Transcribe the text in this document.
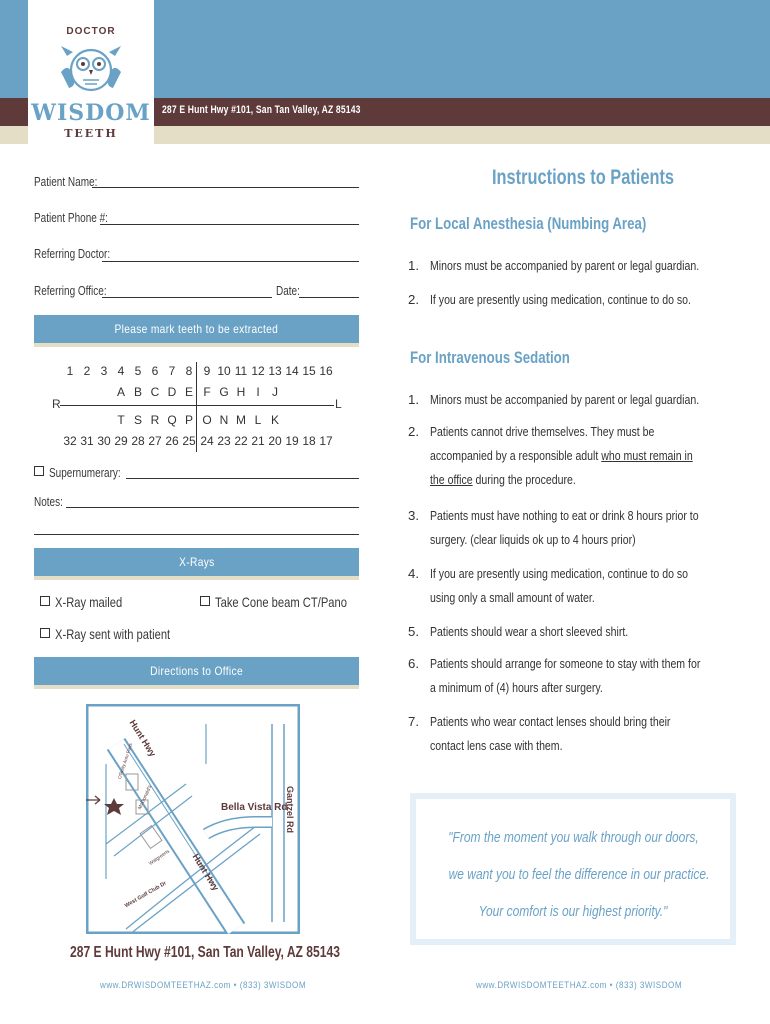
287 E Hunt Hwy #101, San Tan Valley, AZ 85143
DOCTOR
WISDOM
TEETH
Patient Name:
Patient Phone #:
Referring Doctor:
Referring Office:	Date:
Please mark teeth to be extracted
1 2 3 4 5 6 7 8 9 10 11 12 13 14 15 16
A B C D E F G H I	J
T S R Q P O N M L K
32 31 30 29 28 27 26 25 24 23 22 21 20 19 18 17
R	L
Supernumerary:
Notes:
X-Rays
X-Ray mailed	Take Cone beam CT/Pano
X-Ray sent with patient
Directions to Office
Hunt Hwy
Hunt Hwy
Bella Vista Rd
Gantzel Rd
West Golf Club Dr
Walgreens
McDonald's
O'Reilly Auto Parts
287 E Hunt Hwy #101, San Tan Valley, AZ 85143
www.DRWISDOMTEETHAZ.com • (833) 3WISDOM
Instructions to Patients
For Local Anesthesia (Numbing Area)
1. Minors must be accompanied by parent or legal guardian.
2. If you are presently using medication, continue to do so.
For Intravenous Sedation
1. Minors must be accompanied by parent or legal guardian.
2. Patients cannot drive themselves. They must be
accompanied by a responsible adult who must remain in
the office during the procedure.
3. Patients must have nothing to eat or drink 8 hours prior to
surgery. (clear liquids ok up to 4 hours prior)
4. If you are presently using medication, continue to do so
using only a small amount of water.
5. Patients should wear a short sleeved shirt.
6. Patients should arrange for someone to stay with them for
a minimum of (4) hours after surgery.
7. Patients who wear contact lenses should bring their
contact lens case with them.
"From the moment you walk through our doors,
we want you to feel the difference in our practice.
Your comfort is our highest priority."
www.DRWISDOMTEETHAZ.com • (833) 3WISDOM
